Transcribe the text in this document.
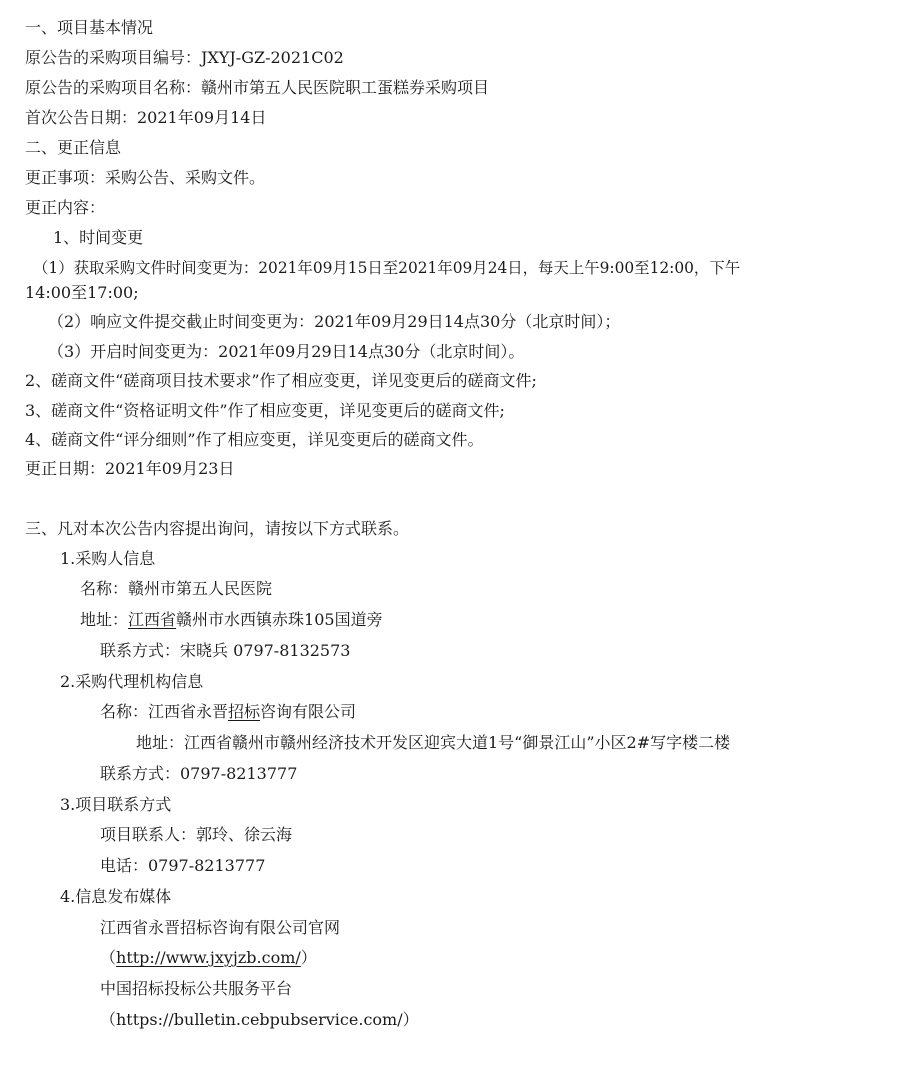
一、项目基本情况

原公告的采购项目编号：JXYJ-GZ-2021C02

原公告的采购项目名称：赣州市第五人民医院职工蛋糕券采购项目

首次公告日期：2021年09月14日

二、更正信息

更正事项：采购公告、采购文件。

更正内容：

1、时间变更

（1）获取采购文件时间变更为：2021年09月15日至2021年09月24日，每天上午9:00至12:00，下午

14:00至17:00;

（2）响应文件提交截止时间变更为：2021年09月29日14点30分（北京时间）；

（3）开启时间变更为：2021年09月29日14点30分（北京时间）。

2、磋商文件“磋商项目技术要求”作了相应变更，详见变更后的磋商文件;

3、磋商文件“资格证明文件”作了相应变更，详见变更后的磋商文件;

4、磋商文件“评分细则”作了相应变更，详见变更后的磋商文件。

更正日期：2021年09月23日

三、凡对本次公告内容提出询问，请按以下方式联系。

1.采购人信息

名称：赣州市第五人民医院

地址：江西省赣州市水西镇赤珠105国道旁

联系方式：宋晓兵 0797-8132573

2.采购代理机构信息

名称：江西省永晋招标咨询有限公司

地址：江西省赣州市赣州经济技术开发区迎宾大道1号“御景江山”小区2#写字楼二楼

联系方式：0797-8213777

3.项目联系方式

项目联系人：郭玲、徐云海

电话：0797-8213777

4.信息发布媒体

江西省永晋招标咨询有限公司官网

（http://www.jxyjzb.com/）

中国招标投标公共服务平台

（https://bulletin.cebpubservice.com/）
